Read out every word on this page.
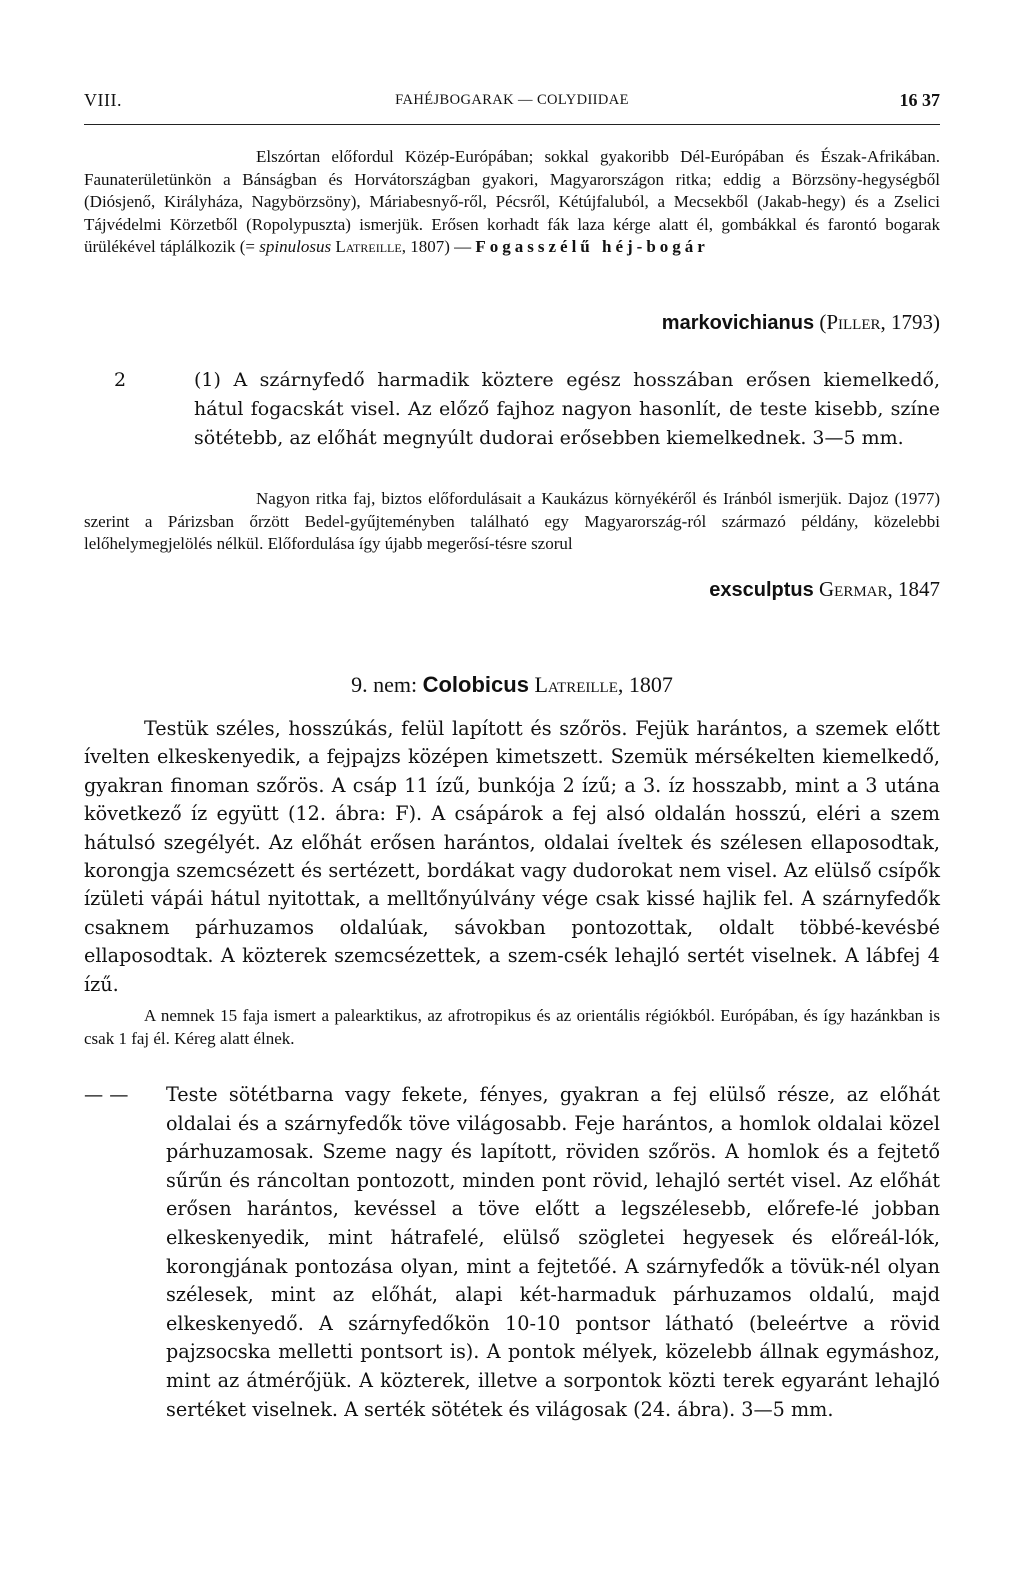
VIII.	FAHÉJBOGARAK — COLYDIIDAE	16 37
Elszórtan előfordul Közép-Európában; sokkal gyakoribb Dél-Európában és Észak-Afrikában. Faunaterületünkön a Bánságban és Horvátországban gyakori, Magyarországon ritka; eddig a Börzsöny-hegységből (Diósjenő, Királyháza, Nagybörzsöny), Máriabesnyő-ről, Pécsről, Kétújfaluból, a Mecsekből (Jakab-hegy) és a Zselici Tájvédelmi Körzetből (Ropolypuszta) ismerjük. Erősen korhadt fák laza kérge alatt él, gombákkal és farontó bogarak ürülékével táplálkozik (= spinulosus Latreille, 1807) — Fogasszélű héj-bogár
markovichianus (Piller, 1793)
2	(1) A szárnyfedő harmadik köztere egész hosszában erősen kiemelkedő, hátul fogacskát visel. Az előző fajhoz nagyon hasonlít, de teste kisebb, színe sötétebb, az előhát megnyúlt dudorai erősebben kiemelkednek. 3—5 mm.
Nagyon ritka faj, biztos előfordulásait a Kaukázus környékéről és Iránból ismerjük. Dajoz (1977) szerint a Párizsban őrzött Bedel-gyűjteményben található egy Magyarország-ról származó példány, közelebbi lelőhelymegjelölés nélkül. Előfordulása így újabb megerősí-tésre szorul
exsculptus Germar, 1847
9. nem: Colobicus Latreille, 1807
Testük széles, hosszúkás, felül lapított és szőrös. Fejük harántos, a szemek előtt ívelten elkeskenyedik, a fejpajzs középen kimetszett. Szemük mérsékelten kiemelkedő, gyakran finoman szőrös. A csáp 11 ízű, bunkója 2 ízű; a 3. íz hosszabb, mint a 3 utána következő íz együtt (12. ábra: F). A csápárok a fej alsó oldalán hosszú, eléri a szem hátulsó szegélyét. Az előhát erősen harántos, oldalai íveltek és szélesen ellaposodtak, korongja szemcsézett és sertézett, bordákat vagy dudorokat nem visel. Az elülső csípők ízületi vápái hátul nyitottak, a melltőnyúlvány vége csak kissé hajlik fel. A szárnyfedők csaknem párhuzamos oldalúak, sávokban pontozottak, oldalt többé-kevésbé ellaposodtak. A közterek szemcsézettek, a szem-csék lehajló sertét viselnek. A lábfej 4 ízű.
A nemnek 15 faja ismert a palearktikus, az afrotropikus és az orientális régiókból. Európában, és így hazánkban is csak 1 faj él. Kéreg alatt élnek.
— — Teste sötétbarna vagy fekete, fényes, gyakran a fej elülső része, az előhát oldalai és a szárnyfedők töve világosabb. Feje harántos, a homlok oldalai közel párhuzamosak. Szeme nagy és lapított, röviden szőrös. A homlok és a fejtető sűrűn és ráncoltan pontozott, minden pont rövid, lehajló sertét visel. Az előhát erősen harántos, kevéssel a töve előtt a legszélesebb, előrefe-lé jobban elkeskenyedik, mint hátrafelé, elülső szögletei hegyesek és előreál-lók, korongjának pontozása olyan, mint a fejtetőé. A szárnyfedők a tövük-nél olyan szélesek, mint az előhát, alapi két-harmaduk párhuzamos oldalú, majd elkeskenyedő. A szárnyfedőkön 10-10 pontsor látható (beleértve a rövid pajzsocska melletti pontsort is). A pontok mélyek, közelebb állnak egymáshoz, mint az átmérőjük. A közterek, illetve a sorpontok közti terek egyaránt lehajló sertéket viselnek. A serték sötétek és világosak (24. ábra). 3—5 mm.
